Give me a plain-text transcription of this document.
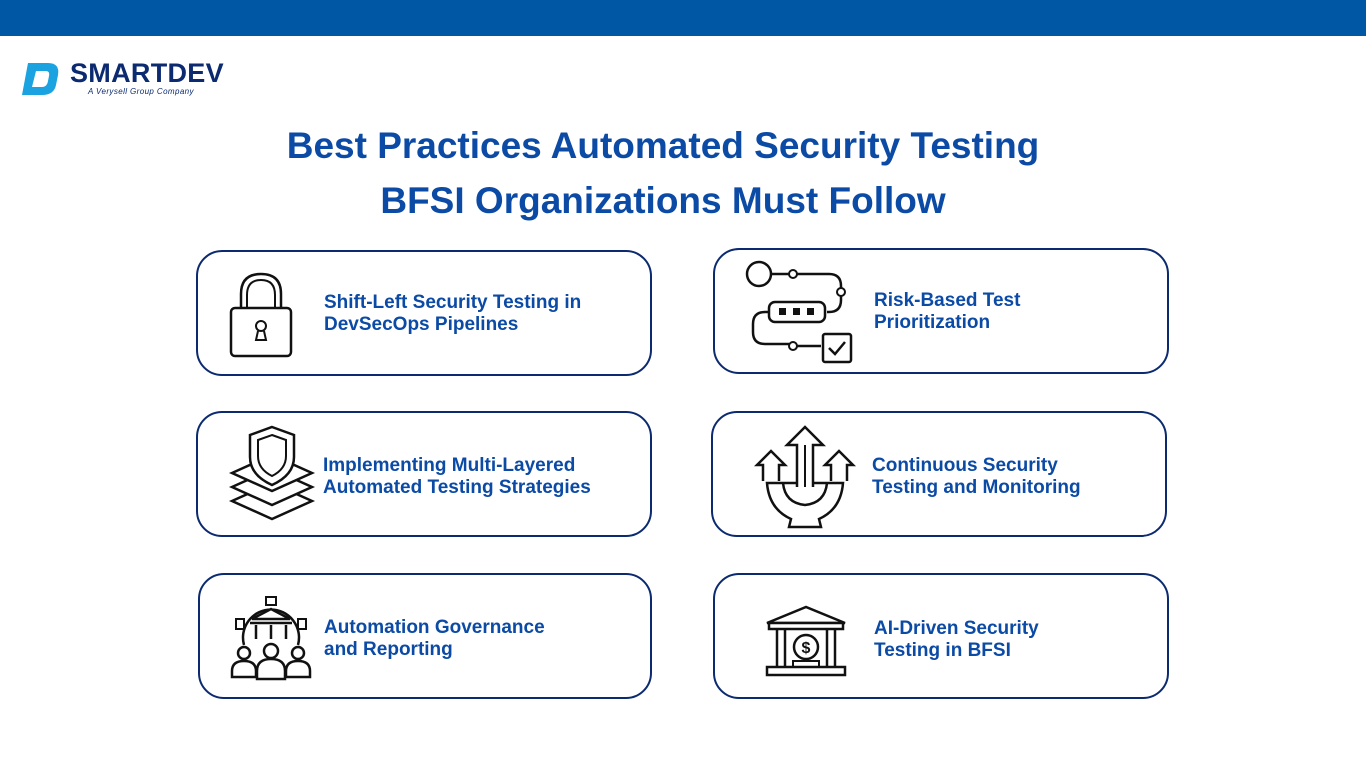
SMARTDEV
A Verysell Group Company
Best Practices Automated Security Testing
BFSI Organizations Must Follow
Shift-Left Security Testing in
DevSecOps Pipelines
Risk-Based Test
Prioritization
Implementing Multi-Layered
Automated Testing Strategies
Continuous Security
Testing and Monitoring
Automation Governance
and Reporting	$
AI-Driven Security
Testing in BFSI
